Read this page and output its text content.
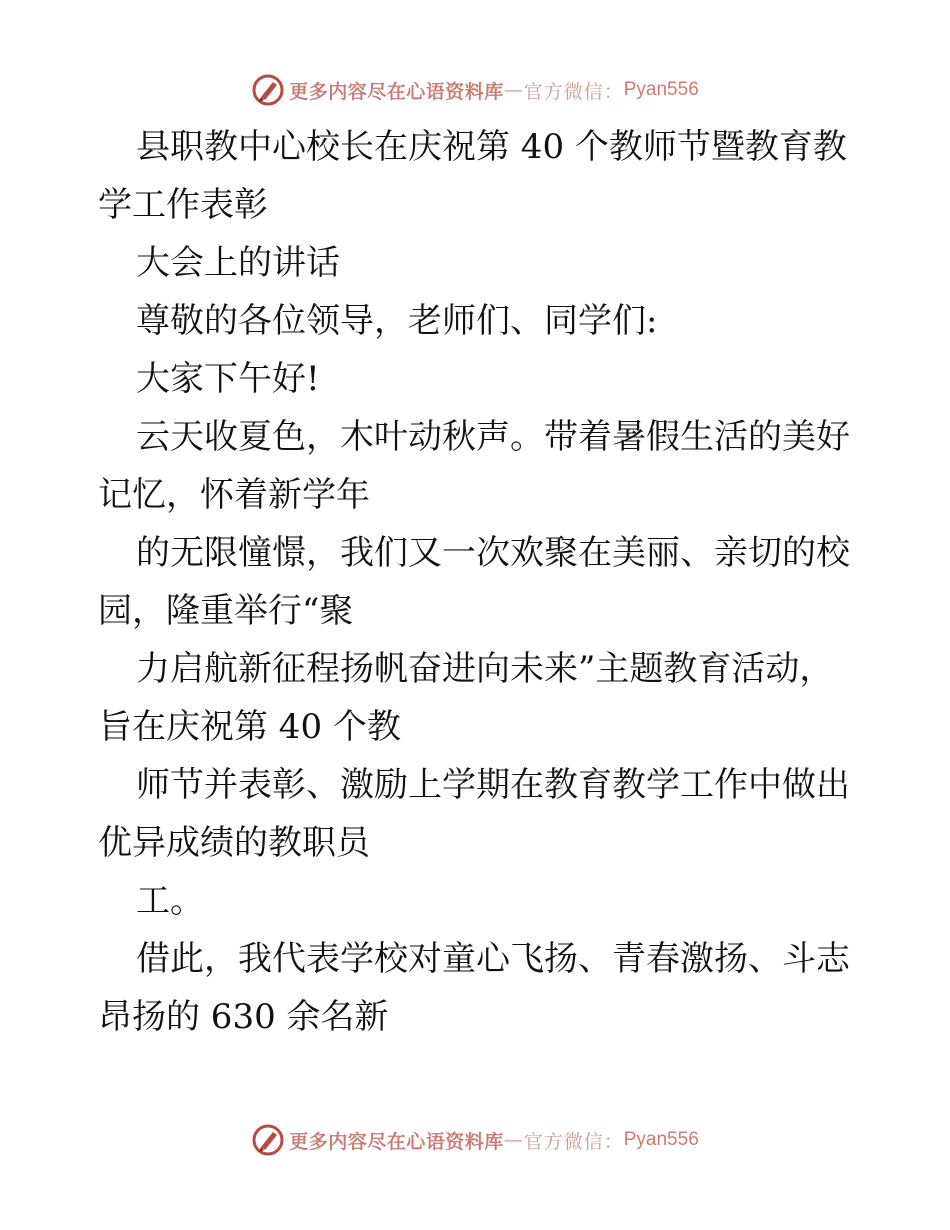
更多内容尽在心语资料库 — 官方微信： Pyan556

县职教中心校长在庆祝第 40 个教师节暨教育教
学工作表彰

大会上的讲话

尊敬的各位领导，老师们、同学们:

大家下午好!

云天收夏色，木叶动秋声。带着暑假生活的美好
记忆，怀着新学年

的无限憧憬，我们又一次欢聚在美丽、亲切的校
园，隆重举行“聚

力启航新征程扬帆奋进向未来”主题教育活动，
旨在庆祝第 40 个教

师节并表彰、激励上学期在教育教学工作中做出
优异成绩的教职员

工。

借此，我代表学校对童心飞扬、青春激扬、斗志
昂扬的 630 余名新

更多内容尽在心语资料库 — 官方微信： Pyan556
